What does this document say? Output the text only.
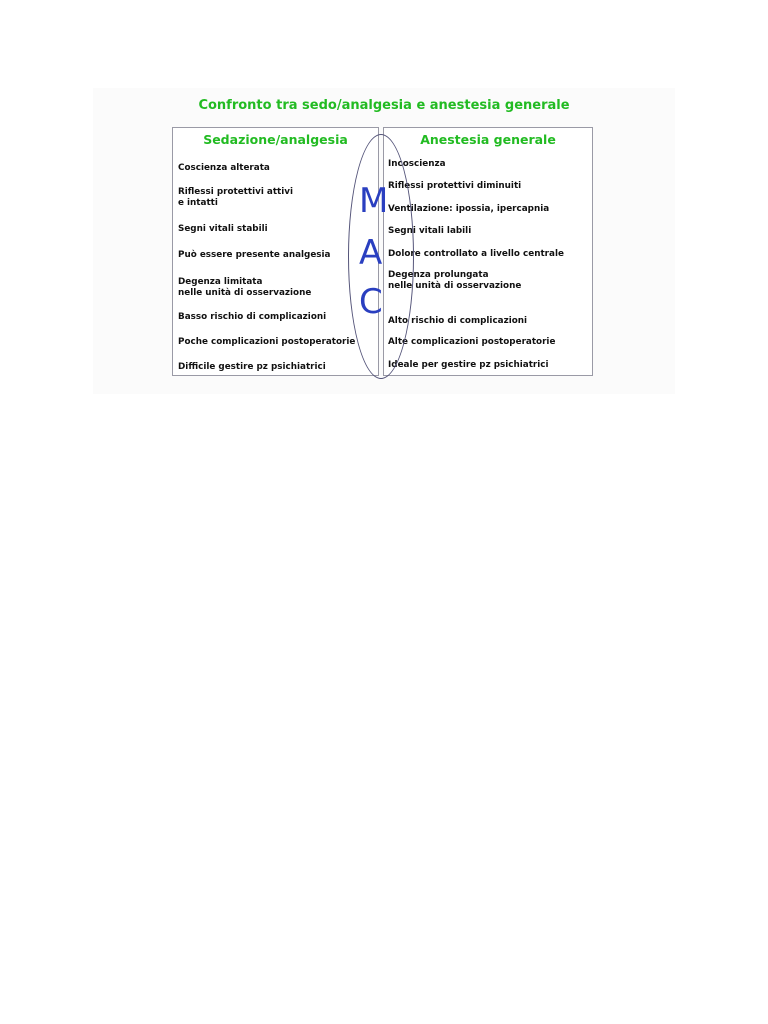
Confronto tra sedo/analgesia e anestesia generale

Sedazione/analgesia

Coscienza alterata

Riflessi protettivi attivi
e intatti

Segni vitali stabili

Può essere presente analgesia

Degenza limitata
nelle unità di osservazione

Basso rischio di complicazioni

Poche complicazioni postoperatorie

Difficile gestire pz psichiatrici

Anestesia generale

Incoscienza

Riflessi protettivi diminuiti

Ventilazione: ipossia, ipercapnia

Segni vitali labili

Dolore controllato a livello centrale

Degenza prolungata
nelle unità di osservazione

Alto rischio di complicazioni

Alte complicazioni postoperatorie

Ideale per gestire pz psichiatrici

M
A
C
